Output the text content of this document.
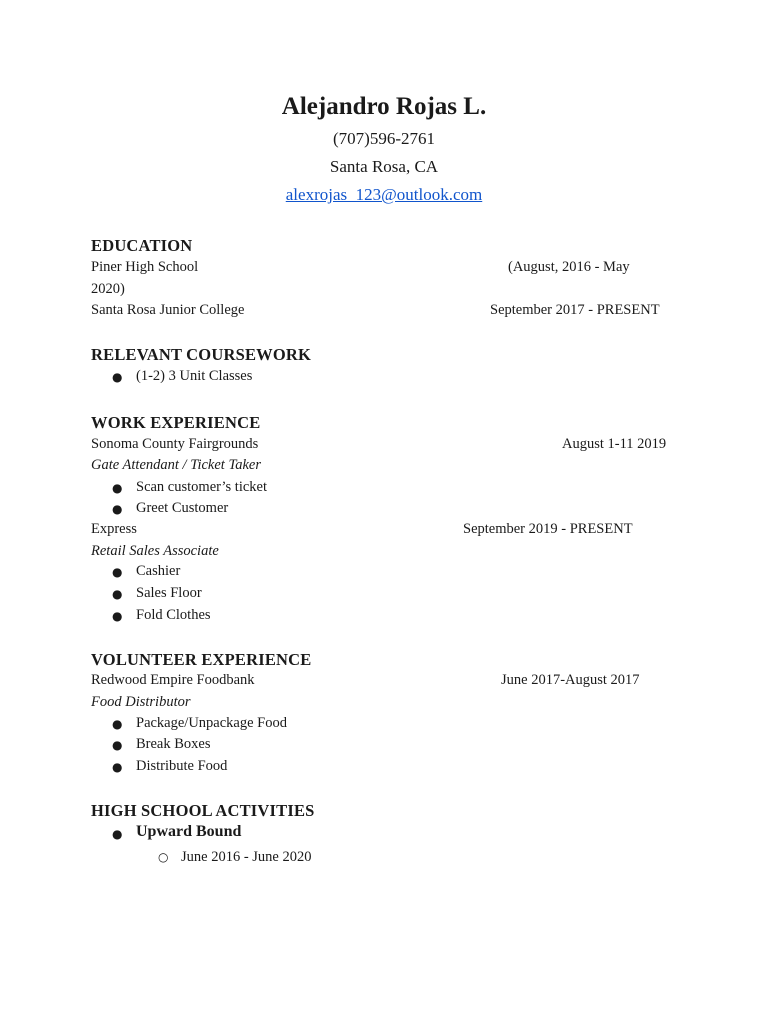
Alejandro Rojas L.
(707)596-2761
Santa Rosa, CA
alexrojas_123@outlook.com
EDUCATION
Piner High School	(August, 2016 - May
2020)
Santa Rosa Junior College	September 2017 - PRESENT
RELEVANT COURSEWORK
● (1-2) 3 Unit Classes
WORK EXPERIENCE
Sonoma County Fairgrounds	August 1-11 2019
Gate Attendant / Ticket Taker
● Scan customer’s ticket
● Greet Customer
Express	September 2019 - PRESENT
Retail Sales Associate
● Cashier
● Sales Floor
● Fold Clothes
VOLUNTEER EXPERIENCE
Redwood Empire Foodbank	June 2017-August 2017
Food Distributor
● Package/Unpackage Food
● Break Boxes
● Distribute Food
HIGH SCHOOL ACTIVITIES
● Upward Bound
○ June 2016 - June 2020
